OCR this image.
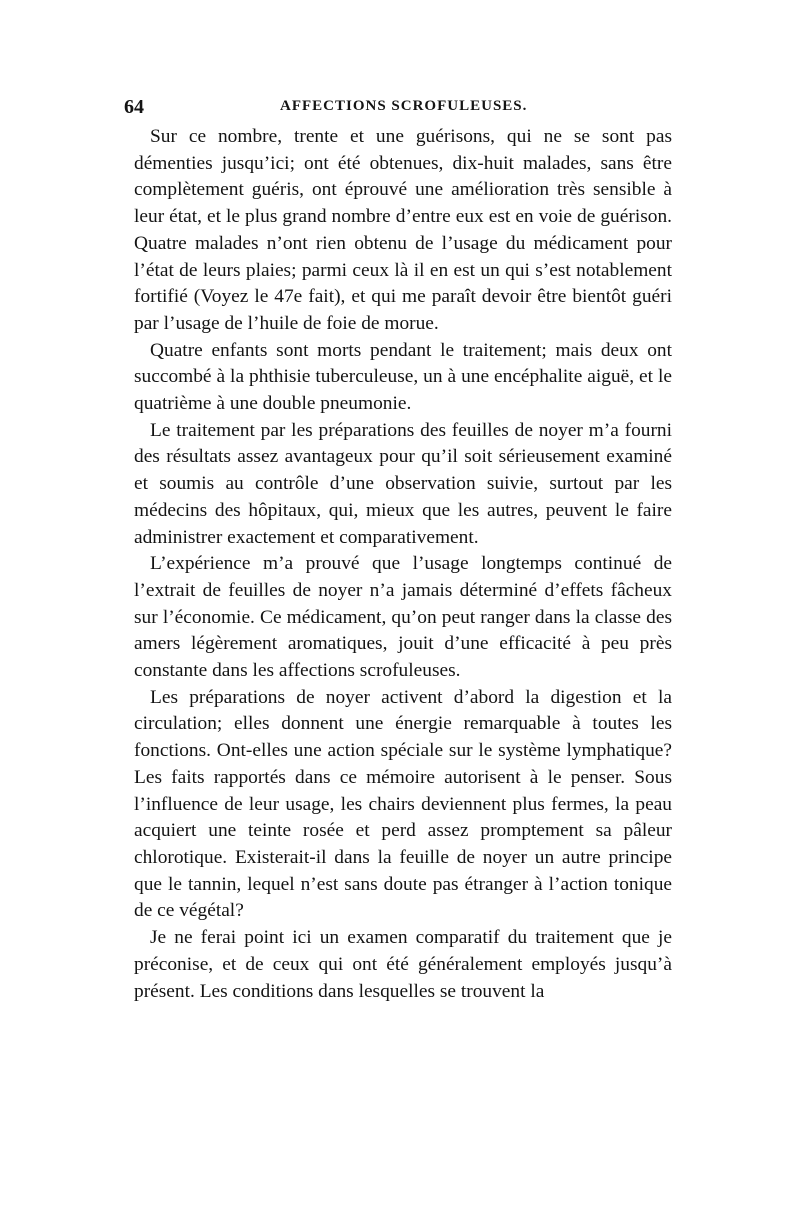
64	AFFECTIONS SCROFULEUSES.

Sur ce nombre, trente et une guérisons, qui ne se sont pas démenties jusqu’ici; ont été obtenues, dix-huit malades, sans être complètement guéris, ont éprouvé une amélioration très sensible à leur état, et le plus grand nombre d’entre eux est en voie de guérison. Quatre malades n’ont rien obtenu de l’usage du médicament pour l’état de leurs plaies; parmi ceux là il en est un qui s’est notablement fortifié (Voyez le 47e fait), et qui me paraît devoir être bientôt guéri par l’usage de l’huile de foie de morue.

Quatre enfants sont morts pendant le traitement; mais deux ont succombé à la phthisie tuberculeuse, un à une encéphalite aiguë, et le quatrième à une double pneumonie.

Le traitement par les préparations des feuilles de noyer m’a fourni des résultats assez avantageux pour qu’il soit sérieusement examiné et soumis au contrôle d’une observation suivie, surtout par les médecins des hôpitaux, qui, mieux que les autres, peuvent le faire administrer exactement et comparativement.

L’expérience m’a prouvé que l’usage longtemps continué de l’extrait de feuilles de noyer n’a jamais déterminé d’effets fâcheux sur l’économie. Ce médicament, qu’on peut ranger dans la classe des amers légèrement aromatiques, jouit d’une efficacité à peu près constante dans les affections scrofuleuses.

Les préparations de noyer activent d’abord la digestion et la circulation; elles donnent une énergie remarquable à toutes les fonctions. Ont-elles une action spéciale sur le système lymphatique? Les faits rapportés dans ce mémoire autorisent à le penser. Sous l’influence de leur usage, les chairs deviennent plus fermes, la peau acquiert une teinte rosée et perd assez promptement sa pâleur chlorotique. Existerait-il dans la feuille de noyer un autre principe que le tannin, lequel n’est sans doute pas étranger à l’action tonique de ce végétal?

Je ne ferai point ici un examen comparatif du traitement que je préconise, et de ceux qui ont été généralement employés jusqu’à présent. Les conditions dans lesquelles se trouvent la
